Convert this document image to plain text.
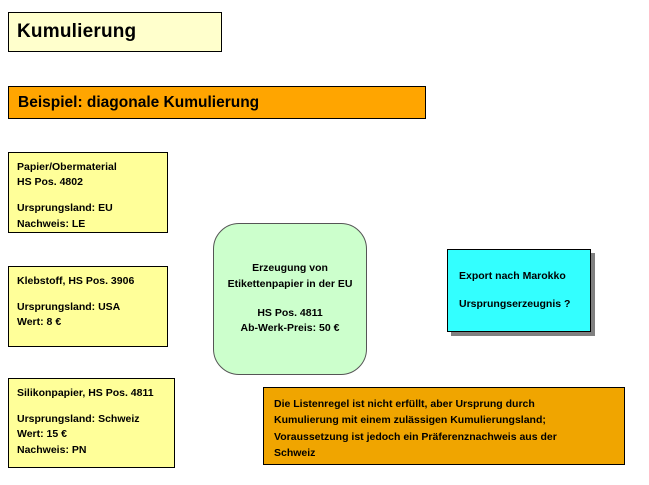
Kumulierung
Beispiel: diagonale Kumulierung
Papier/Obermaterial
HS Pos. 4802
Ursprungsland: EU
Nachweis: LE
Klebstoff, HS Pos. 3906
Ursprungsland: USA
Wert: 8 €
Silikonpapier, HS Pos. 4811
Ursprungsland: Schweiz
Wert: 15 €
Nachweis: PN
Erzeugung von
Etikettenpapier in der EU
HS Pos. 4811
Ab-Werk-Preis: 50 €
Export nach Marokko
Ursprungserzeugnis ?
Die Listenregel ist nicht erfüllt, aber Ursprung durch
Kumulierung mit einem zulässigen Kumulierungsland;
Voraussetzung ist jedoch ein Präferenznachweis aus der
Schweiz
